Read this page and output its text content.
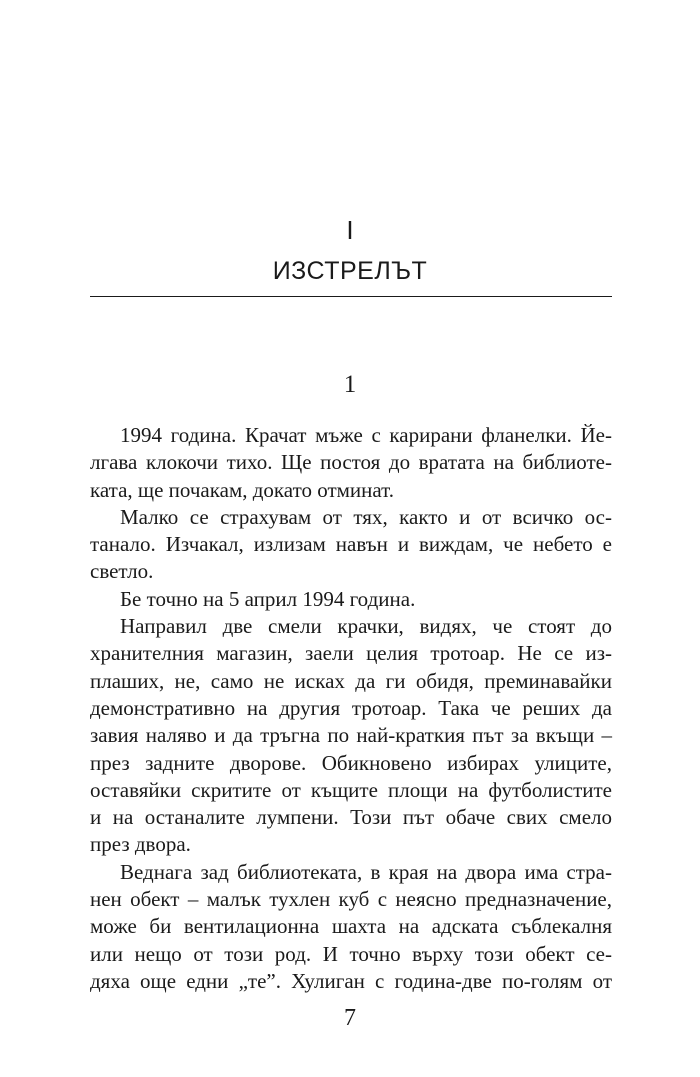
I
ИЗСТРЕЛЪТ
1
1994 година. Крачат мъже с карирани фланелки. Йе-
лгава клокочи тихо. Ще постоя до вратата на библиоте-
ката, ще почакам, докато отминат.
Малко се страхувам от тях, както и от всичко ос-
танало. Изчакал, излизам навън и виждам, че небето е
светло.
Бе точно на 5 април 1994 година.
Направил две смели крачки, видях, че стоят до
хранителния магазин, заели целия тротоар. Не се из-
плаших, не, само не исках да ги обидя, преминавайки
демонстративно на другия тротоар. Така че реших да
завия наляво и да тръгна по най-краткия път за вкъщи –
през задните дворове. Обикновено избирах улиците,
оставяйки скритите от къщите площи на футболистите
и на останалите лумпени. Този път обаче свих смело
през двора.
Веднага зад библиотеката, в края на двора има стра-
нен обект – малък тухлен куб с неясно предназначение,
може би вентилационна шахта на адската съблекалня
или нещо от този род. И точно върху този обект се-
дяха още едни „те”. Хулиган с година-две по-голям от
7
